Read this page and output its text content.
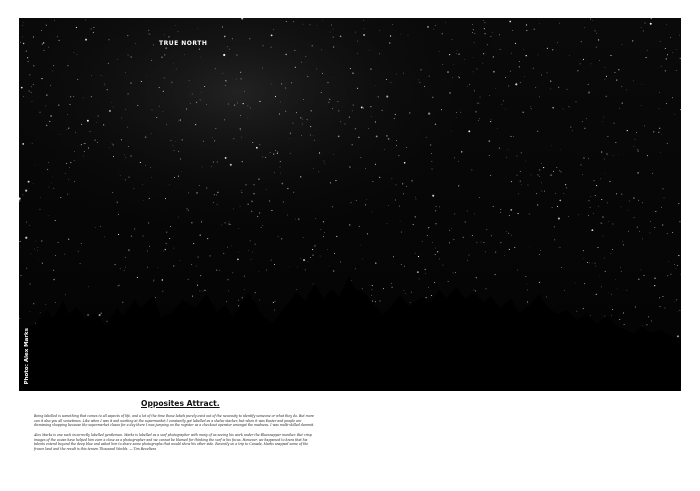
TRUE NORTH
Photo: Alex Marks
Opposites Attract.

Being labelled is something that comes to all aspects of life, and a lot of the time those labels purely exist out of the necessity to identify someone or what they do. But more can it also you all sometimes. Like when I was it and working at the supermarket I constantly got labelled as a shelve stacker, but when it was Easter and people are dismissing shopping because the supermarket closes for a day there I was jumping on the register as a checkout operator amongst the madness. I was multi-skilled dammit.

Alex Marks is one such incorrectly labelled gentleman. Marks is labelled as a surf photographer with many of us seeing his work under the Bluesnapper moniker. But crisp images of the ocean have helped him earn a close as a photographer and we cannot be blamed for thinking the surf is his focus. However, we happened to know that his talents extend beyond the deep blue and asked him to share some photographs that would show his other side. Recently on a trip to Canada, Marks snapped some of the frozen land and the result is this tenure Thousand Worlds. — Tim Beveltess
